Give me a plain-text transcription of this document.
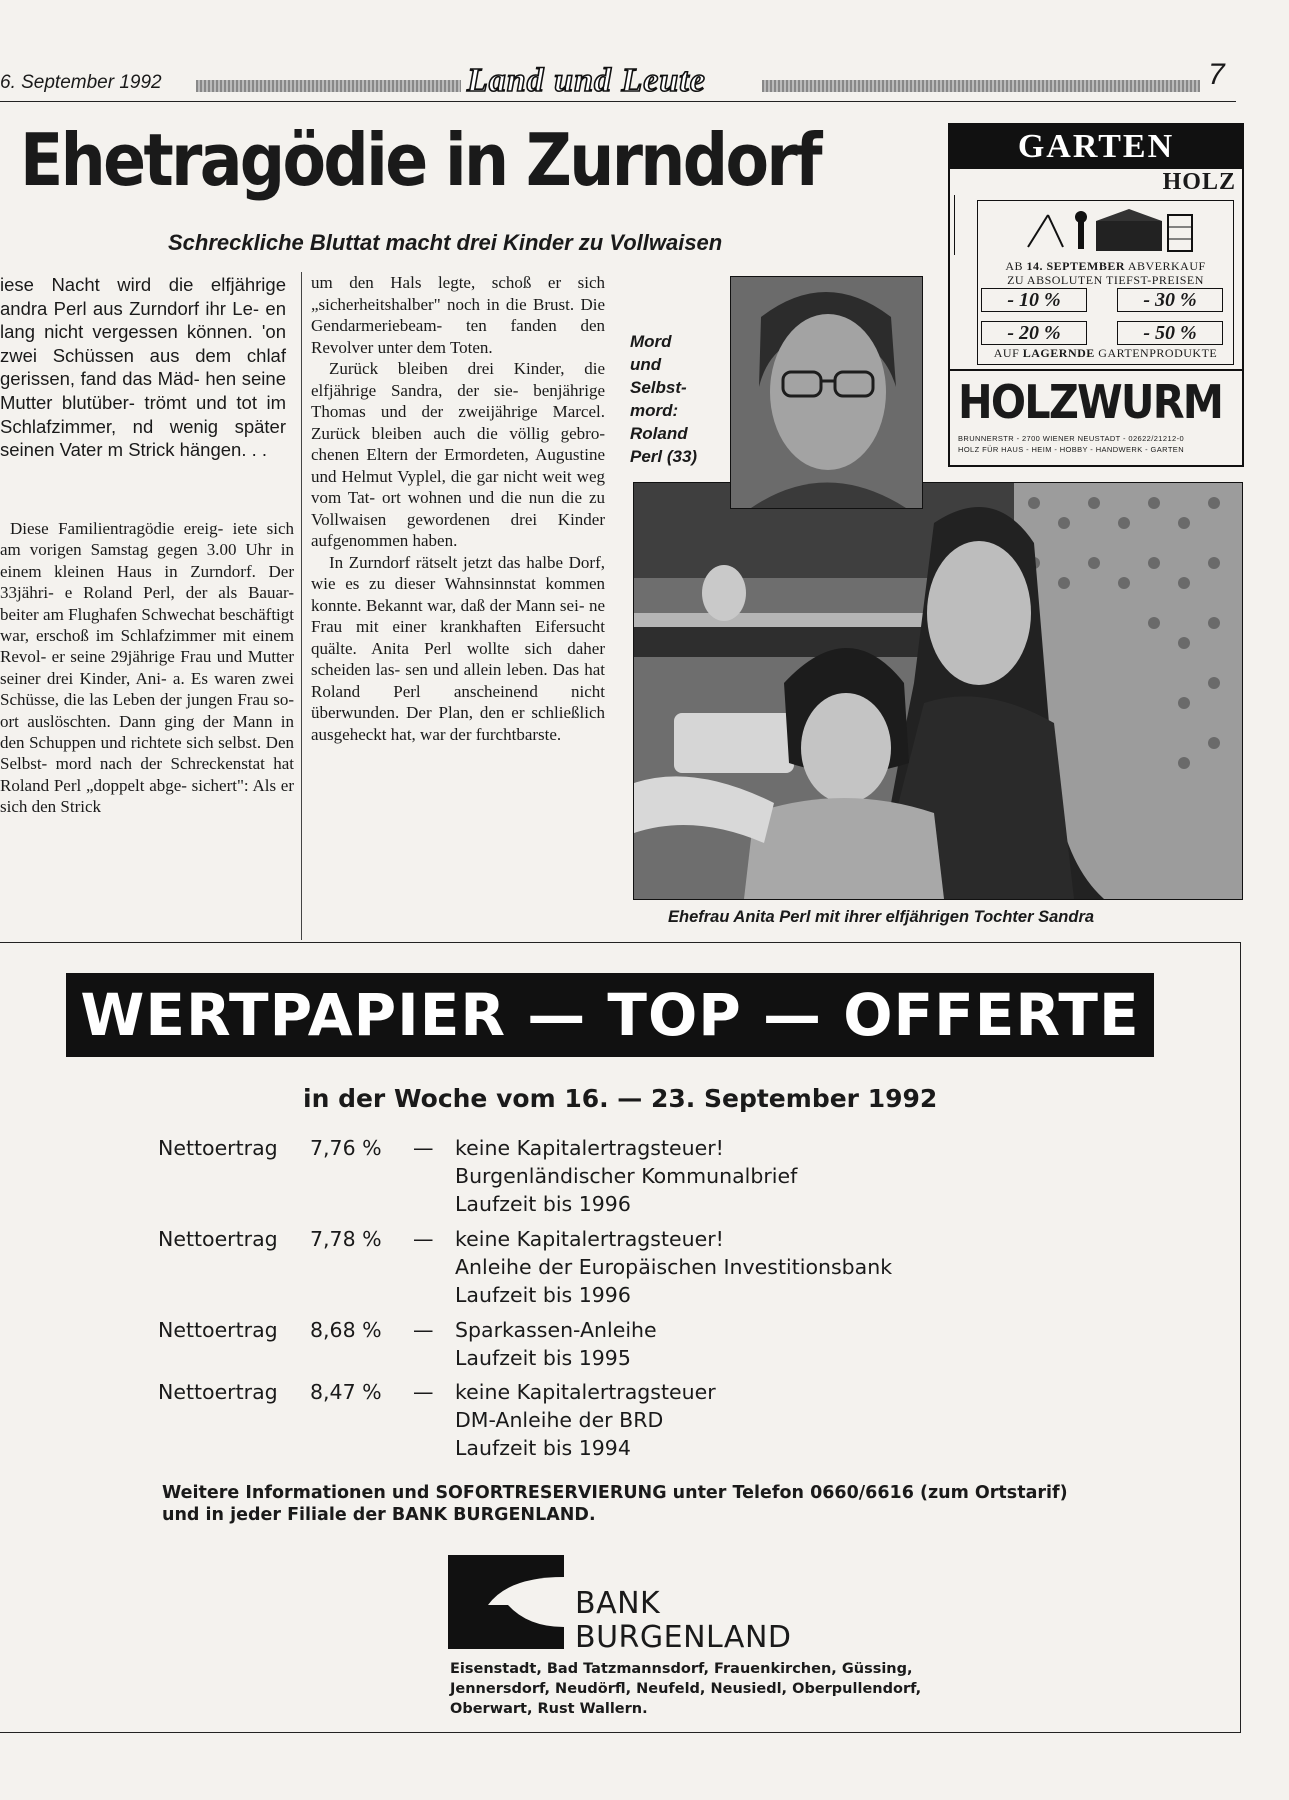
6. September 1992	Land und Leute	7
Ehetragödie in Zurndorf
Schreckliche Bluttat macht drei Kinder zu Vollwaisen
iese Nacht wird die elfjährige andra Perl aus Zurndorf ihr Le- en lang nicht vergessen können. 'on zwei Schüssen aus dem chlaf gerissen, fand das Mäd- hen seine Mutter blutüber- trömt und tot im Schlafzimmer, nd wenig später seinen Vater m Strick hängen. . .

Diese Familientragödie ereig- iete sich am vorigen Samstag gegen 3.00 Uhr in einem kleinen Haus in Zurndorf. Der 33jähri- e Roland Perl, der als Bauar- beiter am Flughafen Schwechat beschäftigt war, erschoß im Schlafzimmer mit einem Revol- er seine 29jährige Frau und Mutter seiner drei Kinder, Ani- a. Es waren zwei Schüsse, die las Leben der jungen Frau so- ort auslöschten. Dann ging der Mann in den Schuppen und richtete sich selbst. Den Selbst- mord nach der Schreckenstat hat Roland Perl „doppelt abge- sichert": Als er sich den Strick

um den Hals legte, schoß er sich „sicherheitshalber" noch in die Brust. Die Gendarmeriebeam- ten fanden den Revolver unter dem Toten.

Zurück bleiben drei Kinder, die elfjährige Sandra, der sie- benjährige Thomas und der zweijährige Marcel. Zurück bleiben auch die völlig gebro- chenen Eltern der Ermordeten, Augustine und Helmut Vyplel, die gar nicht weit weg vom Tat- ort wohnen und die nun die zu Vollwaisen gewordenen drei Kinder aufgenommen haben.

In Zurndorf rätselt jetzt das halbe Dorf, wie es zu dieser Wahnsinnstat kommen konnte. Bekannt war, daß der Mann sei- ne Frau mit einer krankhaften Eifersucht quälte. Anita Perl wollte sich daher scheiden las- sen und allein leben. Das hat Roland Perl anscheinend nicht überwunden. Der Plan, den er schließlich ausgeheckt hat, war der furchtbarste.

Mord
und
Selbst-
mord:
Roland
Perl (33)
Ehefrau Anita Perl mit ihrer elfjährigen Tochter Sandra
GARTEN
HOLZ
AB 14. SEPTEMBER ABVERKAUF
ZU ABSOLUTEN TIEFST-PREISEN
- 10 %	- 30 %
- 20 %	- 50 %
AUF LAGERNDE GARTENPRODUKTE
HOLZWURM
BRUNNERSTR - 2700 WIENER NEUSTADT - 02622/21212-0
HOLZ FÜR HAUS - HEIM - HOBBY - HANDWERK - GARTEN
WERTPAPIER — TOP — OFFERTE
in der Woche vom 16. — 23. September 1992
Nettoertrag 7,76 % — keine Kapitalertragsteuer!
Burgenländischer Kommunalbrief
Laufzeit bis 1996
Nettoertrag 7,78 % — keine Kapitalertragsteuer!
Anleihe der Europäischen Investitionsbank
Laufzeit bis 1996
Nettoertrag 8,68 % — Sparkassen-Anleihe
Laufzeit bis 1995
Nettoertrag 8,47 % — keine Kapitalertragsteuer
DM-Anleihe der BRD
Laufzeit bis 1994
Weitere Informationen und SOFORTRESERVIERUNG unter Telefon 0660/6616 (zum Ortstarif)
und in jeder Filiale der BANK BURGENLAND.
BANK
BURGENLAND
Eisenstadt, Bad Tatzmannsdorf, Frauenkirchen, Güssing,
Jennersdorf, Neudörfl, Neufeld, Neusiedl, Oberpullendorf,
Oberwart, Rust Wallern.
